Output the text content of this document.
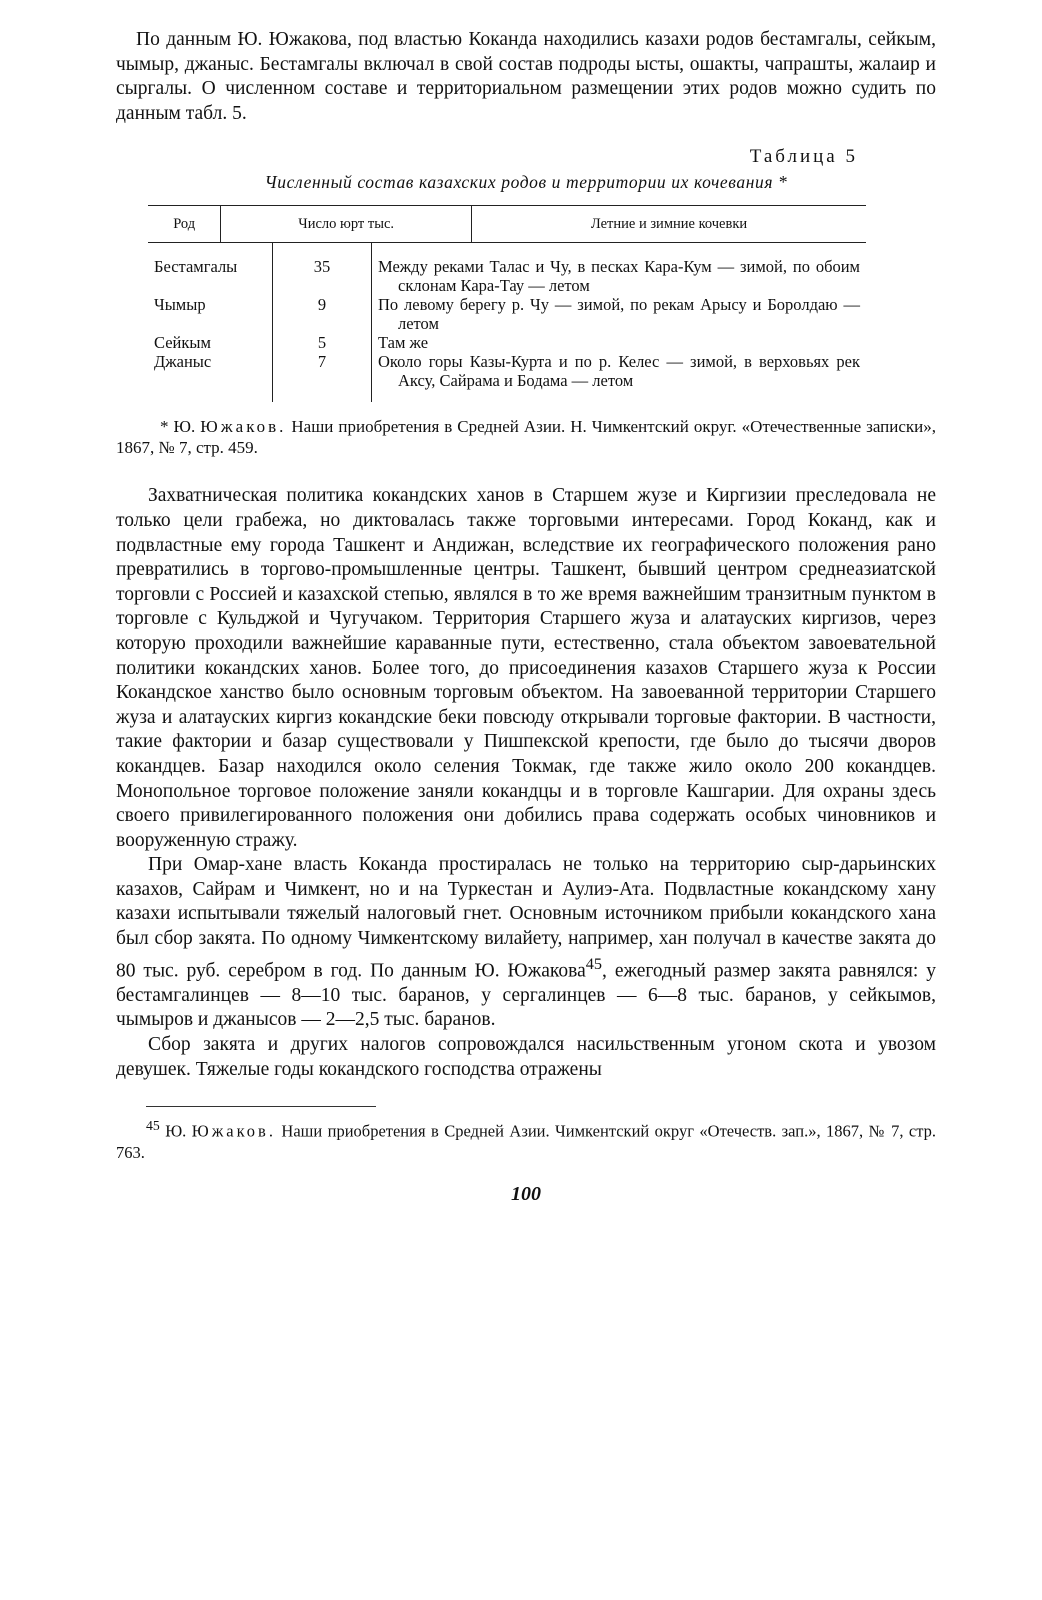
По данным Ю. Южакова, под властью Коканда находились казахи родов бестамгалы, сейкым, чымыр, джаныс. Бестамгалы включал в свой состав подроды ысты, ошакты, чапрашты, жалаир и сыргалы. О численном составе и территориальном размещении этих родов можно судить по данным табл. 5.

Таблица 5
Численный состав казахских родов и территории их кочевания *
Род	Число юрт тыс.	Летние и зимние кочевки
Бестамгалы	35	Между реками Талас и Чу, в песках Кара-Кум — зимой, по обоим склонам Кара-Тау — летом

Чымыр	9	По левому берегу р. Чу — зимой, по рекам Арысу и Боролдаю — летом

Сейкым	5	Там же

Джаныс	7	Около горы Казы-Курта и по р. Келес — зимой, в верховьях рек Аксу, Сайрама и Бодама — летом

* Ю. Южаков. Наши приобретения в Средней Азии. Н. Чимкентский округ. «Отечественные записки», 1867, № 7, стр. 459.

Захватническая политика кокандских ханов в Старшем жузе и Киргизии преследовала не только цели грабежа, но диктовалась также торговыми интересами. Город Коканд, как и подвластные ему города Ташкент и Андижан, вследствие их географического положения рано превратились в торгово-промышленные центры. Ташкент, бывший центром среднеазиатской торговли с Россией и казахской степью, являлся в то же время важнейшим транзитным пунктом в торговле с Кульджой и Чугучаком. Территория Старшего жуза и алатауских киргизов, через которую проходили важнейшие караванные пути, естественно, стала объектом завоевательной политики кокандских ханов. Более того, до присоединения казахов Старшего жуза к России Кокандское ханство было основным торговым объектом. На завоеванной территории Старшего жуза и алатауских киргиз кокандские беки повсюду открывали торговые фактории. В частности, такие фактории и базар существовали у Пишпекской крепости, где было до тысячи дворов кокандцев. Базар находился около селения Токмак, где также жило около 200 кокандцев. Монопольное торговое положение заняли кокандцы и в торговле Кашгарии. Для охраны здесь своего привилегированного положения они добились права содержать особых чиновников и вооруженную стражу.

При Омар-хане власть Коканда простиралась не только на территорию сыр-дарьинских казахов, Сайрам и Чимкент, но и на Туркестан и Аулиэ-Ата. Подвластные кокандскому хану казахи испытывали тяжелый налоговый гнет. Основным источником прибыли кокандского хана был сбор закята. По одному Чимкентскому вилайету, например, хан получал в качестве закята до 80 тыс. руб. серебром в год. По данным Ю. Южакова$^{45}$, ежегодный размер закята равнялся: у бестамгалинцев — 8—10 тыс. баранов, у сергалинцев — 6—8 тыс. баранов, у сейкымов, чымыров и джанысов — 2—2,5 тыс. баранов.

Сбор закята и других налогов сопровождался насильственным угоном скота и увозом девушек. Тяжелые годы кокандского господства отражены

$^{45}$ Ю. Южаков. Наши приобретения в Средней Азии. Чимкентский округ «Отечеств. зап.», 1867, № 7, стр. 763.

100
